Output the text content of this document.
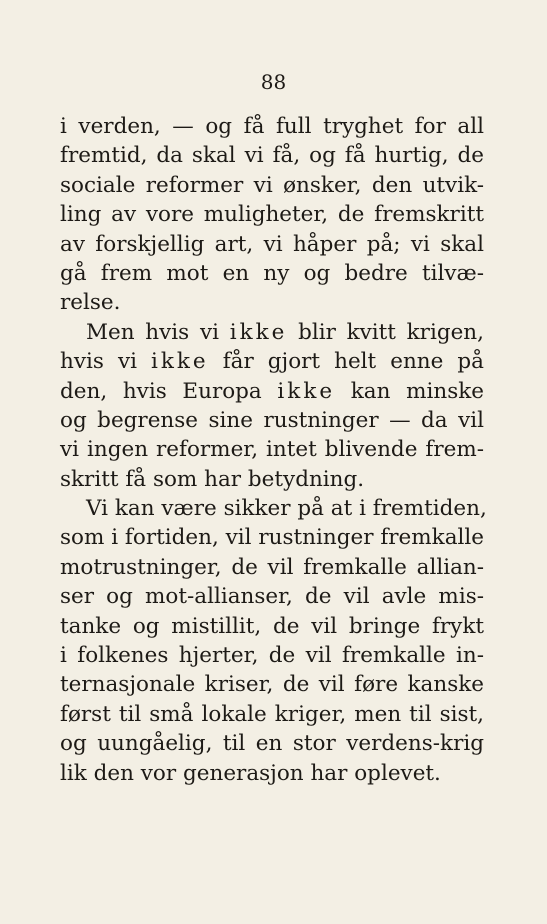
88
i verden, — og få full tryghet for all
fremtid, da skal vi få, og få hurtig, de
sociale reformer vi ønsker, den utvik-
ling av vore muligheter, de fremskritt
av forskjellig art, vi håper på; vi skal
gå frem mot en ny og bedre tilvæ-
relse.
Men hvis vi ikke blir kvitt krigen,
hvis vi ikke får gjort helt enne på
den, hvis Europa ikke kan minske
og begrense sine rustninger — da vil
vi ingen reformer, intet blivende frem-
skritt få som har betydning.
Vi kan være sikker på at i fremtiden,
som i fortiden, vil rustninger fremkalle
motrustninger, de vil fremkalle allian-
ser og mot-allianser, de vil avle mis-
tanke og mistillit, de vil bringe frykt
i folkenes hjerter, de vil fremkalle in-
ternasjonale kriser, de vil føre kanske
først til små lokale kriger, men til sist,
og uungåelig, til en stor verdens-krig
lik den vor generasjon har oplevet.
